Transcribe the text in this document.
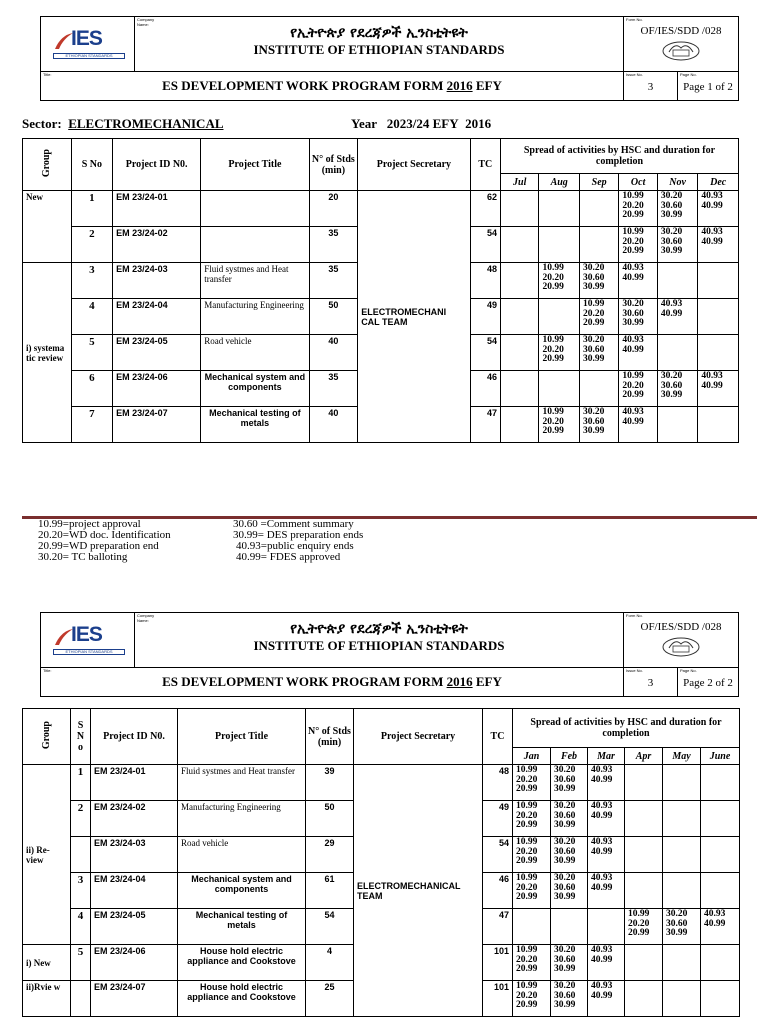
Company Name:
IES
ETHIOPIAN STANDARDS
የኢትዮጵያ የደረጃዎች ኢንስቲትዩት
INSTITUTE OF ETHIOPIAN STANDARDS
Form No.
OF/IES/SDD /028
Title:
ES DEVELOPMENT WORK PROGRAM FORM 2016 EFY
Issue No.
3
Page No.
Page 1 of 2
Sector: ELECTROMECHANICAL	Year 2023/24 EFY 2016
Group	S No	Project ID N0.	Project Title	N° of Stds (min)	Project Secretary	TC	Spread of activities by HSC and duration for completion					
							Jul	Aug	Sep	Oct	Nov	Dec
New	1	EM 23/24-01		20	ELECTROMECHANI CAL TEAM	62				10.99
20.20
20.99	30.20
30.60
30.99	40.93
40.99
	2	EM 23/24-02		35		54				10.99
20.20
20.99	30.20
30.60
30.99	40.93
40.99
i) systema tic review	3	EM 23/24-03	Fluid systmes and Heat transfer	35		48		10.99
20.20
20.99	30.20
30.60
30.99	40.93
40.99		
	4	EM 23/24-04	Manufacturing Engineering	50		49			10.99
20.20
20.99	30.20
30.60
30.99	40.93
40.99	
	5	EM 23/24-05	Road vehicle	40		54		10.99
20.20
20.99	30.20
30.60
30.99	40.93
40.99		
	6	EM 23/24-06	Mechanical system and components	35		46				10.99
20.20
20.99	30.20
30.60
30.99	40.93
40.99
	7	EM 23/24-07	Mechanical testing of metals	40		47		10.99
20.20
20.99	30.20
30.60
30.99	40.93
40.99		
10.99=project approval
20.20=WD doc. Identification
20.99=WD preparation end
30.20= TC balloting
30.60 =Comment summary
30.99= DES preparation ends
40.93=public enquiry ends
40.99= FDES approved
Company Name:
IES
ETHIOPIAN STANDARDS
የኢትዮጵያ የደረጃዎች ኢንስቲትዩት
INSTITUTE OF ETHIOPIAN STANDARDS
Form No.
OF/IES/SDD /028
Title:
ES DEVELOPMENT WORK PROGRAM FORM 2016 EFY
Issue No.
3
Page No.
Page 2 of 2
Group	S
N
o	Project ID N0.	Project Title	N° of Stds (min)	Project Secretary	TC	Spread of activities by HSC and duration for completion					
							Jan	Feb	Mar	Apr	May	June
ii) Re- view	1	EM 23/24-01	Fluid systmes and Heat transfer	39	ELECTROMECHANICAL TEAM	48	10.99
20.20
20.99	30.20
30.60
30.99	40.93
40.99			
	2	EM 23/24-02	Manufacturing Engineering	50		49	10.99
20.20
20.99	30.20
30.60
30.99	40.93
40.99			
		EM 23/24-03	Road vehicle	29		54	10.99
20.20
20.99	30.20
30.60
30.99	40.93
40.99			
	3	EM 23/24-04	Mechanical system and components	61		46	10.99
20.20
20.99	30.20
30.60
30.99	40.93
40.99			
	4	EM 23/24-05	Mechanical testing of metals	54		47				10.99
20.20
20.99	30.20
30.60
30.99	40.93
40.99
i) New	5	EM 23/24-06	House hold electric appliance and Cookstove	4		101	10.99
20.20
20.99	30.20
30.60
30.99	40.93
40.99			
ii)Rvie w		EM 23/24-07	House hold electric appliance and Cookstove	25		101	10.99
20.20
20.99	30.20
30.60
30.99	40.93
40.99			
